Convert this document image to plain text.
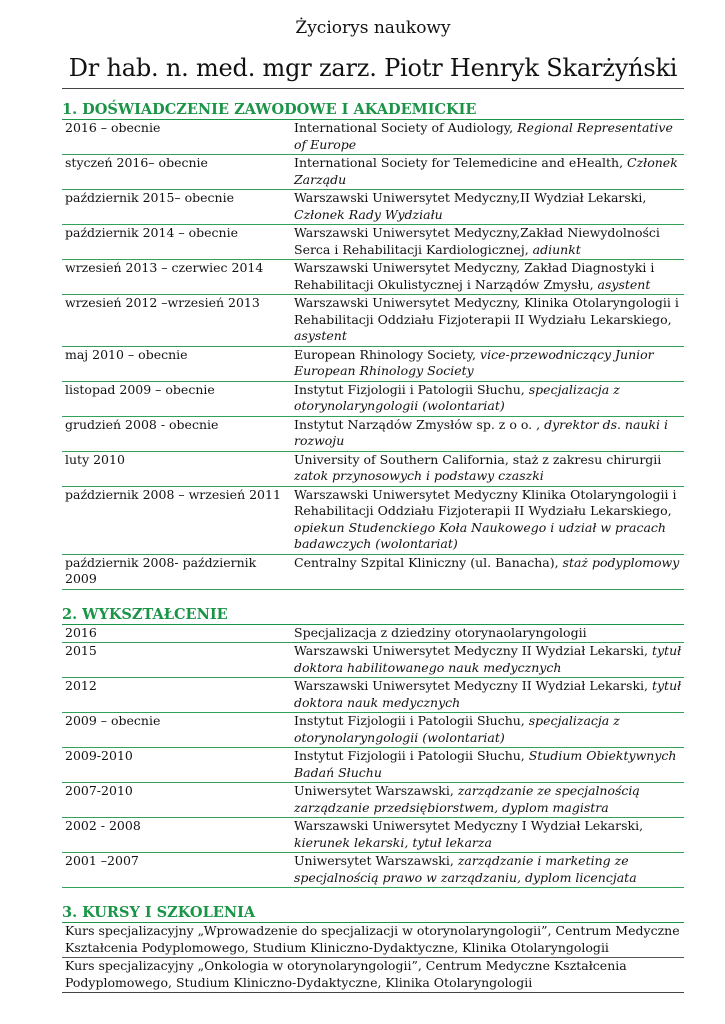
Życiorys naukowy
Dr hab. n. med. mgr zarz. Piotr Henryk Skarżyński
1. DOŚWIADCZENIE ZAWODOWE I AKADEMICKIE
2016 – obecnie	International Society of Audiology, Regional Representative of Europe
styczeń 2016– obecnie	International Society for Telemedicine and eHealth, Członek Zarządu
październik 2015– obecnie	Warszawski Uniwersytet Medyczny,II Wydział Lekarski, Członek Rady Wydziału
październik 2014 – obecnie	Warszawski Uniwersytet Medyczny,Zakład Niewydolności Serca i Rehabilitacji Kardiologicznej, adiunkt
wrzesień 2013 – czerwiec 2014	Warszawski Uniwersytet Medyczny, Zakład Diagnostyki i Rehabilitacji Okulistycznej i Narządów Zmysłu, asystent
wrzesień 2012 –wrzesień 2013	Warszawski Uniwersytet Medyczny, Klinika Otolaryngologii i Rehabilitacji Oddziału Fizjoterapii II Wydziału Lekarskiego, asystent
maj 2010 – obecnie	European Rhinology Society, vice-przewodniczący Junior European Rhinology Society
listopad 2009 – obecnie	Instytut Fizjologii i Patologii Słuchu, specjalizacja z otorynolaryngologii (wolontariat)
grudzień 2008 - obecnie	Instytut Narządów Zmysłów sp. z o o. , dyrektor ds. nauki i rozwoju
luty 2010	University of Southern California, staż z zakresu chirurgii zatok przynosowych i podstawy czaszki
październik 2008 – wrzesień 2011	Warszawski Uniwersytet Medyczny Klinika Otolaryngologii i Rehabilitacji Oddziału Fizjoterapii II Wydziału Lekarskiego, opiekun Studenckiego Koła Naukowego i udział w pracach badawczych (wolontariat)
październik 2008- październik 2009	Centralny Szpital Kliniczny (ul. Banacha), staż podyplomowy
2. WYKSZTAŁCENIE
2016	Specjalizacja z dziedziny otorynaolaryngologii
2015	Warszawski Uniwersytet Medyczny II Wydział Lekarski, tytuł doktora habilitowanego nauk medycznych
2012	Warszawski Uniwersytet Medyczny II Wydział Lekarski, tytuł doktora nauk medycznych
2009 – obecnie	Instytut Fizjologii i Patologii Słuchu, specjalizacja z otorynolaryngologii (wolontariat)
2009-2010	Instytut Fizjologii i Patologii Słuchu, Studium Obiektywnych Badań Słuchu
2007-2010	Uniwersytet Warszawski, zarządzanie ze specjalnością zarządzanie przedsiębiorstwem, dyplom magistra
2002 - 2008	Warszawski Uniwersytet Medyczny I Wydział Lekarski, kierunek lekarski, tytuł lekarza
2001 –2007	Uniwersytet Warszawski, zarządzanie i marketing ze specjalnością prawo w zarządzaniu, dyplom licencjata
3. KURSY I SZKOLENIA
Kurs specjalizacyjny „Wprowadzenie do specjalizacji w otorynolaryngologii”, Centrum Medyczne Kształcenia Podyplomowego, Studium Kliniczno-Dydaktyczne, Klinika Otolaryngologii
Kurs specjalizacyjny „Onkologia w otorynolaryngologii”, Centrum Medyczne Kształcenia Podyplomowego, Studium Kliniczno-Dydaktyczne, Klinika Otolaryngologii
